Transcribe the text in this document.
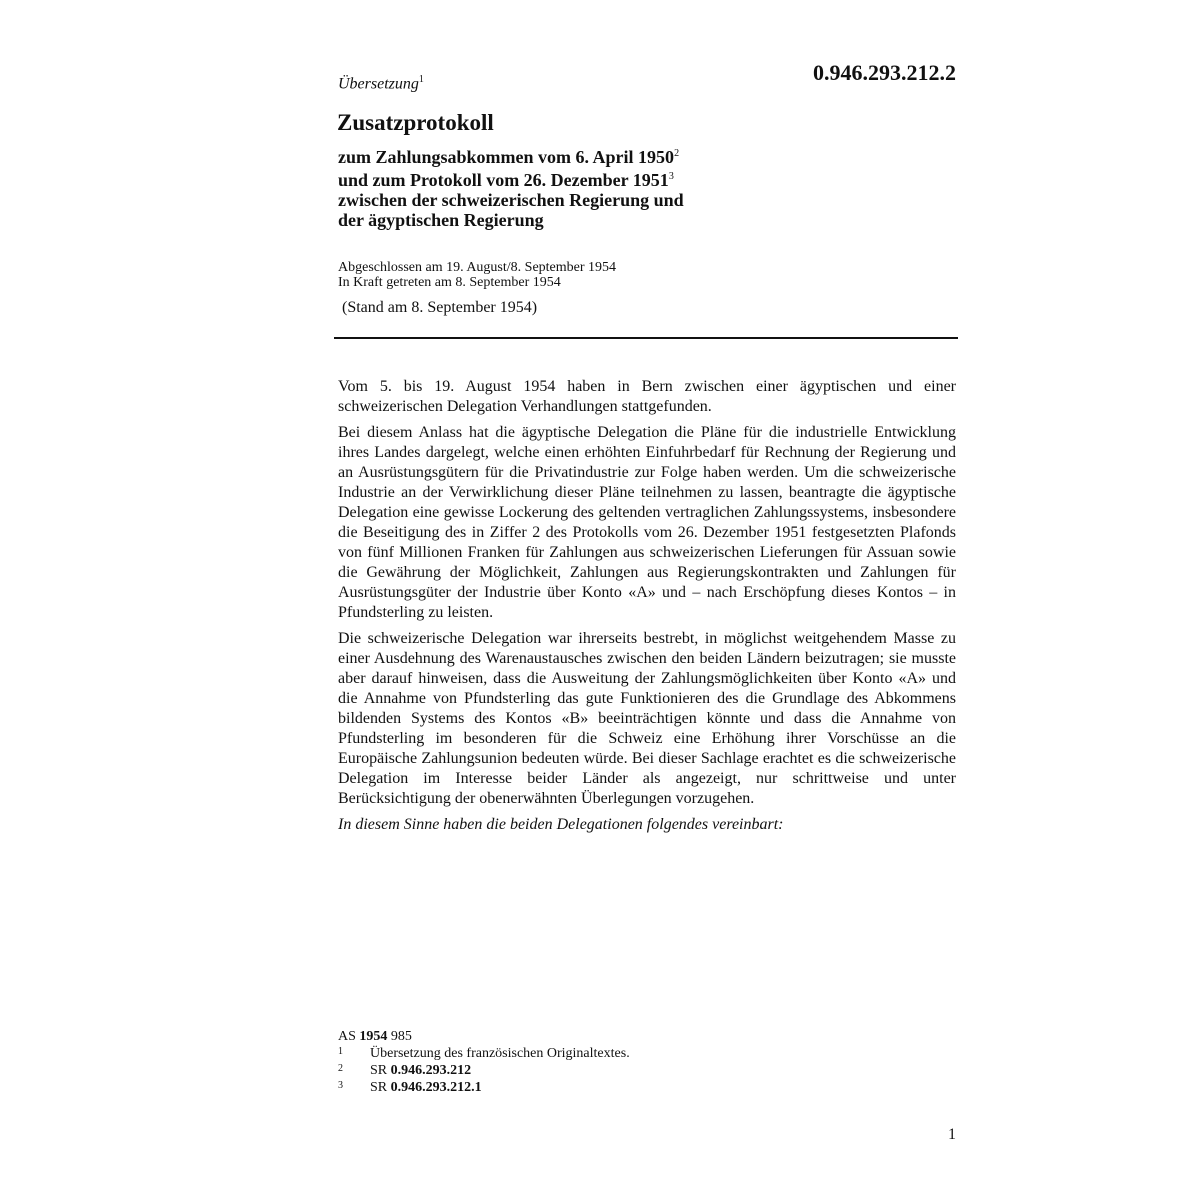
Übersetzung$^1$	0.946.293.212.2
Zusatzprotokoll
zum Zahlungsabkommen vom 6. April 1950$^2$
und zum Protokoll vom 26. Dezember 1951$^3$
zwischen der schweizerischen Regierung und
der ägyptischen Regierung
Abgeschlossen am 19. August/8. September 1954
In Kraft getreten am 8. September 1954
(Stand am 8. September 1954)

Vom 5. bis 19. August 1954 haben in Bern zwischen einer ägyptischen und einer schweizerischen Delegation Verhandlungen stattgefunden.

Bei diesem Anlass hat die ägyptische Delegation die Pläne für die industrielle Entwicklung ihres Landes dargelegt, welche einen erhöhten Einfuhrbedarf für Rechnung der Regierung und an Ausrüstungsgütern für die Privatindustrie zur Folge haben werden. Um die schweizerische Industrie an der Verwirklichung dieser Pläne teilnehmen zu lassen, beantragte die ägyptische Delegation eine gewisse Lockerung des geltenden vertraglichen Zahlungssystems, insbesondere die Beseitigung des in Ziffer 2 des Protokolls vom 26. Dezember 1951 festgesetzten Plafonds von fünf Millionen Franken für Zahlungen aus schweizerischen Lieferungen für Assuan sowie die Gewährung der Möglichkeit, Zahlungen aus Regierungskontrakten und Zahlungen für Ausrüstungsgüter der Industrie über Konto «A» und – nach Erschöpfung dieses Kontos – in Pfundsterling zu leisten.

Die schweizerische Delegation war ihrerseits bestrebt, in möglichst weitgehendem Masse zu einer Ausdehnung des Warenaustausches zwischen den beiden Ländern beizutragen; sie musste aber darauf hinweisen, dass die Ausweitung der Zahlungsmöglichkeiten über Konto «A» und die Annahme von Pfundsterling das gute Funktionieren des die Grundlage des Abkommens bildenden Systems des Kontos «B» beeinträchtigen könnte und dass die Annahme von Pfundsterling im besonderen für die Schweiz eine Erhöhung ihrer Vorschüsse an die Europäische Zahlungsunion bedeuten würde. Bei dieser Sachlage erachtet es die schweizerische Delegation im Interesse beider Länder als angezeigt, nur schrittweise und unter Berücksichtigung der obenerwähnten Überlegungen vorzugehen.

In diesem Sinne haben die beiden Delegationen folgendes vereinbart:

AS 1954 985
1	Übersetzung des französischen Originaltextes.
2	SR 0.946.293.212
3	SR 0.946.293.212.1
1
